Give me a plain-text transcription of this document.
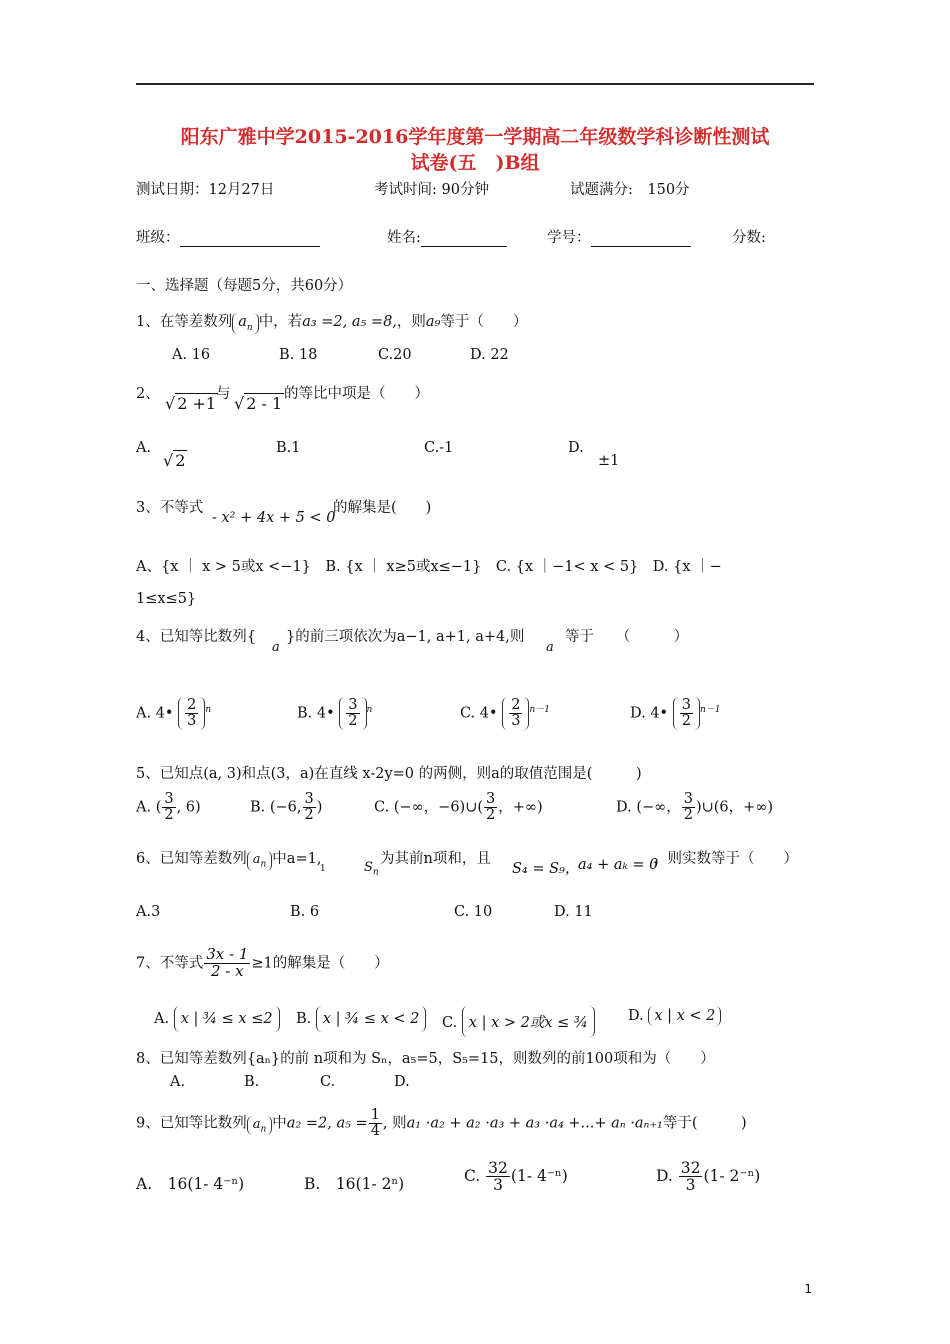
阳东广雅中学2015-2016学年度第一学期高二年级数学科诊断性测试
试卷(五　)B组
测试日期：12月27日	考试时间: 90分钟	试题满分:　150分
班级：	姓名:	学号：	分数:
一、选择题（每题5分，共60分）
1、在等差数列 $a_n$ 中，若a₃ =2, a₅ =8,，则a₉等于（　　）
A. 16	B. 18	C.20	D. 22
2、 √ 2 +1 与 √ 2 - 1 的等比中项是（　　）
A.
√ 2
B.1	C.-1	D.
±1
3、不等式
- x² + 4x + 5 < 0
的解集是(　　)
A、{x ｜ x > 5或x <−1}　B. {x ｜ x≥5或x≤−1}　C. {x ｜−1< x < 5}　D. {x ｜−
1≤x≤5}
4、已知等比数列{
a
}的前三项依次为a−1, a+1, a+4,则
a
等于　　（　　　）
A. 4• $\frac{2}{3} ^n$	B. 4• $\frac{3}{2} ^n$	C. 4• $\frac{2}{3} ^{n-1}$	D. 4• $\frac{3}{2} ^{n-1}$
5、已知点(a, 3)和点(3，a)在直线 x-2y=0 的两侧，则a的取值范围是(　　　)
A. ( $\frac{3}{2}$ , 6)	B. (−6, $\frac{3}{2}$ )	C. (−∞，−6)∪( $\frac{3}{2}$ ，+∞)	D. (−∞， $\frac{3}{2}$ )∪(6，+∞)
6、已知等差数列 $a_n$ 中a=1,
1	$S_n$
为其前n项和，且
S₄ = S₉，
a₄ + aₖ = 0
，则实数等于（　　）
A.3	B. 6	C. 10	D. 11
7、不等式 $\frac{3x - 1}{2 - x} \ge 1$的解集是（　　）
A. x | ¾ ≤ x ≤2	B. x | ¾ ≤ x < 2	C. x | x > 2或x ≤ ¾	D. x | x < 2
8、已知等差数列{aₙ}的前 n项和为 Sₙ，a₅=5，S₅=15，则数列的前100项和为（　　）
A.	B.	C.	D.
9、已知等比数列 $a_n$ 中a₂ =2, $a_5 = \frac{1}{4}$ , 则a₁ ·a₂ + a₂ ·a₃ + a₃ ·a₄ +...+ aₙ ·aₙ₊₁等于(　　　)
A.　16(1- 4⁻ⁿ)	B.　16(1- 2ⁿ)	C. $\frac{32}{3} (1-$ 4⁻ⁿ)	D. $\frac{32}{3} (1-$ 2⁻ⁿ)
1
